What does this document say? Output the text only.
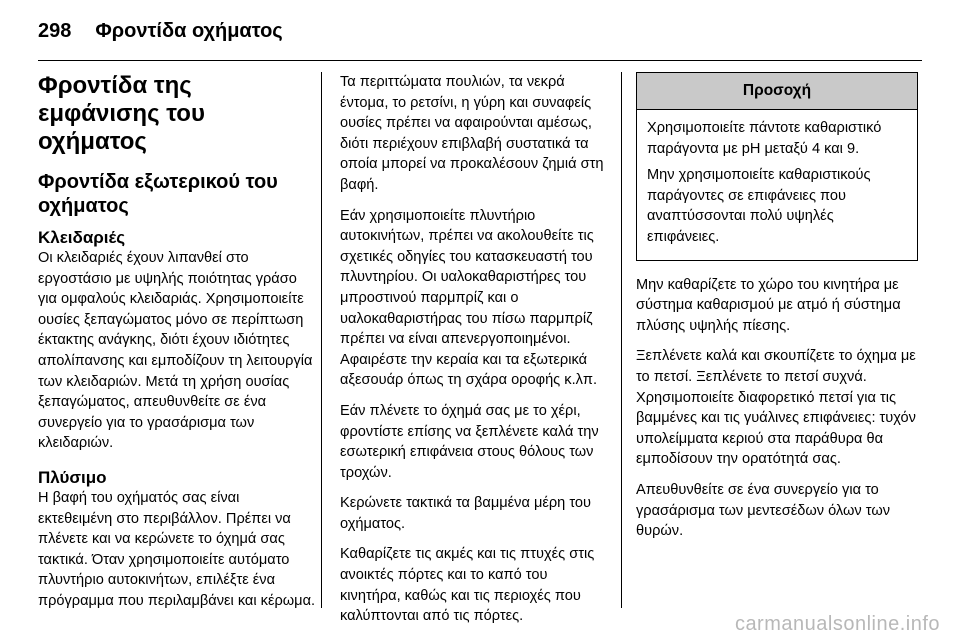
298 Φροντίδα οχήματος
Φροντίδα της εμφάνισης του οχήματος
Φροντίδα εξωτερικού του οχήματος
Κλειδαριές

Οι κλειδαριές έχουν λιπανθεί στο εργοστάσιο με υψηλής ποιότητας γράσο για ομφαλούς κλειδαριάς. Χρησιμοποιείτε ουσίες ξεπαγώματος μόνο σε περίπτωση έκτακτης ανάγκης, διότι έχουν ιδιότητες απολίπανσης και εμποδίζουν τη λειτουργία των κλειδαριών. Μετά τη χρήση ουσίας ξεπαγώματος, απευθυνθείτε σε ένα συνεργείο για το γρασάρισμα των κλειδαριών.

Πλύσιμο

Η βαφή του οχήματός σας είναι εκτεθειμένη στο περιβάλλον. Πρέπει να πλένετε και να κερώνετε το όχημά σας τακτικά. Όταν χρησιμοποιείτε αυτόματο πλυντήριο αυτοκινήτων, επιλέξτε ένα πρόγραμμα που περιλαμβάνει και κέρωμα.

Τα περιττώματα πουλιών, τα νεκρά έντομα, το ρετσίνι, η γύρη και συναφείς ουσίες πρέπει να αφαιρούνται αμέσως, διότι περιέχουν επιβλαβή συστατικά τα οποία μπορεί να προκαλέσουν ζημιά στη βαφή.

Εάν χρησιμοποιείτε πλυντήριο αυτοκινήτων, πρέπει να ακολουθείτε τις σχετικές οδηγίες του κατασκευαστή του πλυντηρίου. Οι υαλοκαθαριστήρες του μπροστινού παρμπρίζ και ο υαλοκαθαριστήρας του πίσω παρμπρίζ πρέπει να είναι απενεργοποιημένοι. Αφαιρέστε την κεραία και τα εξωτερικά αξεσουάρ όπως τη σχάρα οροφής κ.λπ.

Εάν πλένετε το όχημά σας με το χέρι, φροντίστε επίσης να ξεπλένετε καλά την εσωτερική επιφάνεια στους θόλους των τροχών.

Κερώνετε τακτικά τα βαμμένα μέρη του οχήματος.

Καθαρίζετε τις ακμές και τις πτυχές στις ανοικτές πόρτες και το καπό του κινητήρα, καθώς και τις περιοχές που καλύπτονται από τις πόρτες.

Προσοχή

Χρησιμοποιείτε πάντοτε καθαριστικό παράγοντα με pH μεταξύ 4 και 9.

Μην χρησιμοποιείτε καθαριστικούς παράγοντες σε επιφάνειες που αναπτύσσονται πολύ υψηλές επιφάνειες.

Μην καθαρίζετε το χώρο του κινητήρα με σύστημα καθαρισμού με ατμό ή σύστημα πλύσης υψηλής πίεσης.

Ξεπλένετε καλά και σκουπίζετε το όχημα με το πετσί. Ξεπλένετε το πετσί συχνά. Χρησιμοποιείτε διαφορετικό πετσί για τις βαμμένες και τις γυάλινες επιφάνειες: τυχόν υπολείμματα κεριού στα παράθυρα θα εμποδίσουν την ορατότητά σας.

Απευθυνθείτε σε ένα συνεργείο για το γρασάρισμα των μεντεσέδων όλων των θυρών.

carmanualsonline.info
